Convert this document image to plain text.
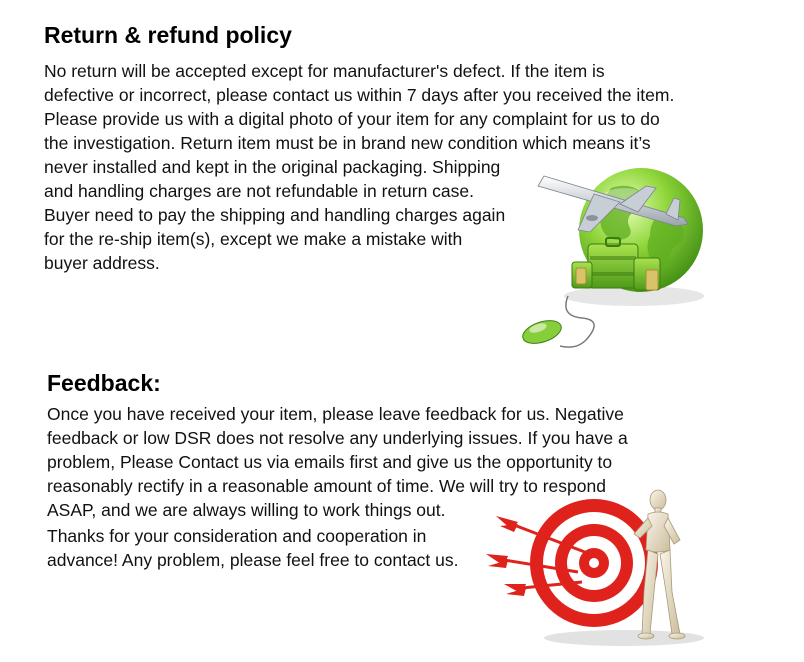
Return & refund policy
No return will be accepted except for manufacturer's defect. If the item is
defective or incorrect, please contact us within 7 days after you received the item.
Please provide us with a digital photo of your item for any complaint for us to do
the investigation. Return item must be in brand new condition which means it’s
never installed and kept in the original packaging. Shipping
and handling charges are not refundable in return case.
Buyer need to pay the shipping and handling charges again
for the re-ship item(s), except we make a mistake with
buyer address.
Feedback:
Once you have received your item, please leave feedback for us. Negative
feedback or low DSR does not resolve any underlying issues. If you have a
problem, Please Contact us via emails first and give us the opportunity to
reasonably rectify in a reasonable amount of time. We will try to respond
ASAP, and we are always willing to work things out.
Thanks for your consideration and cooperation in
advance! Any problem, please feel free to contact us.
